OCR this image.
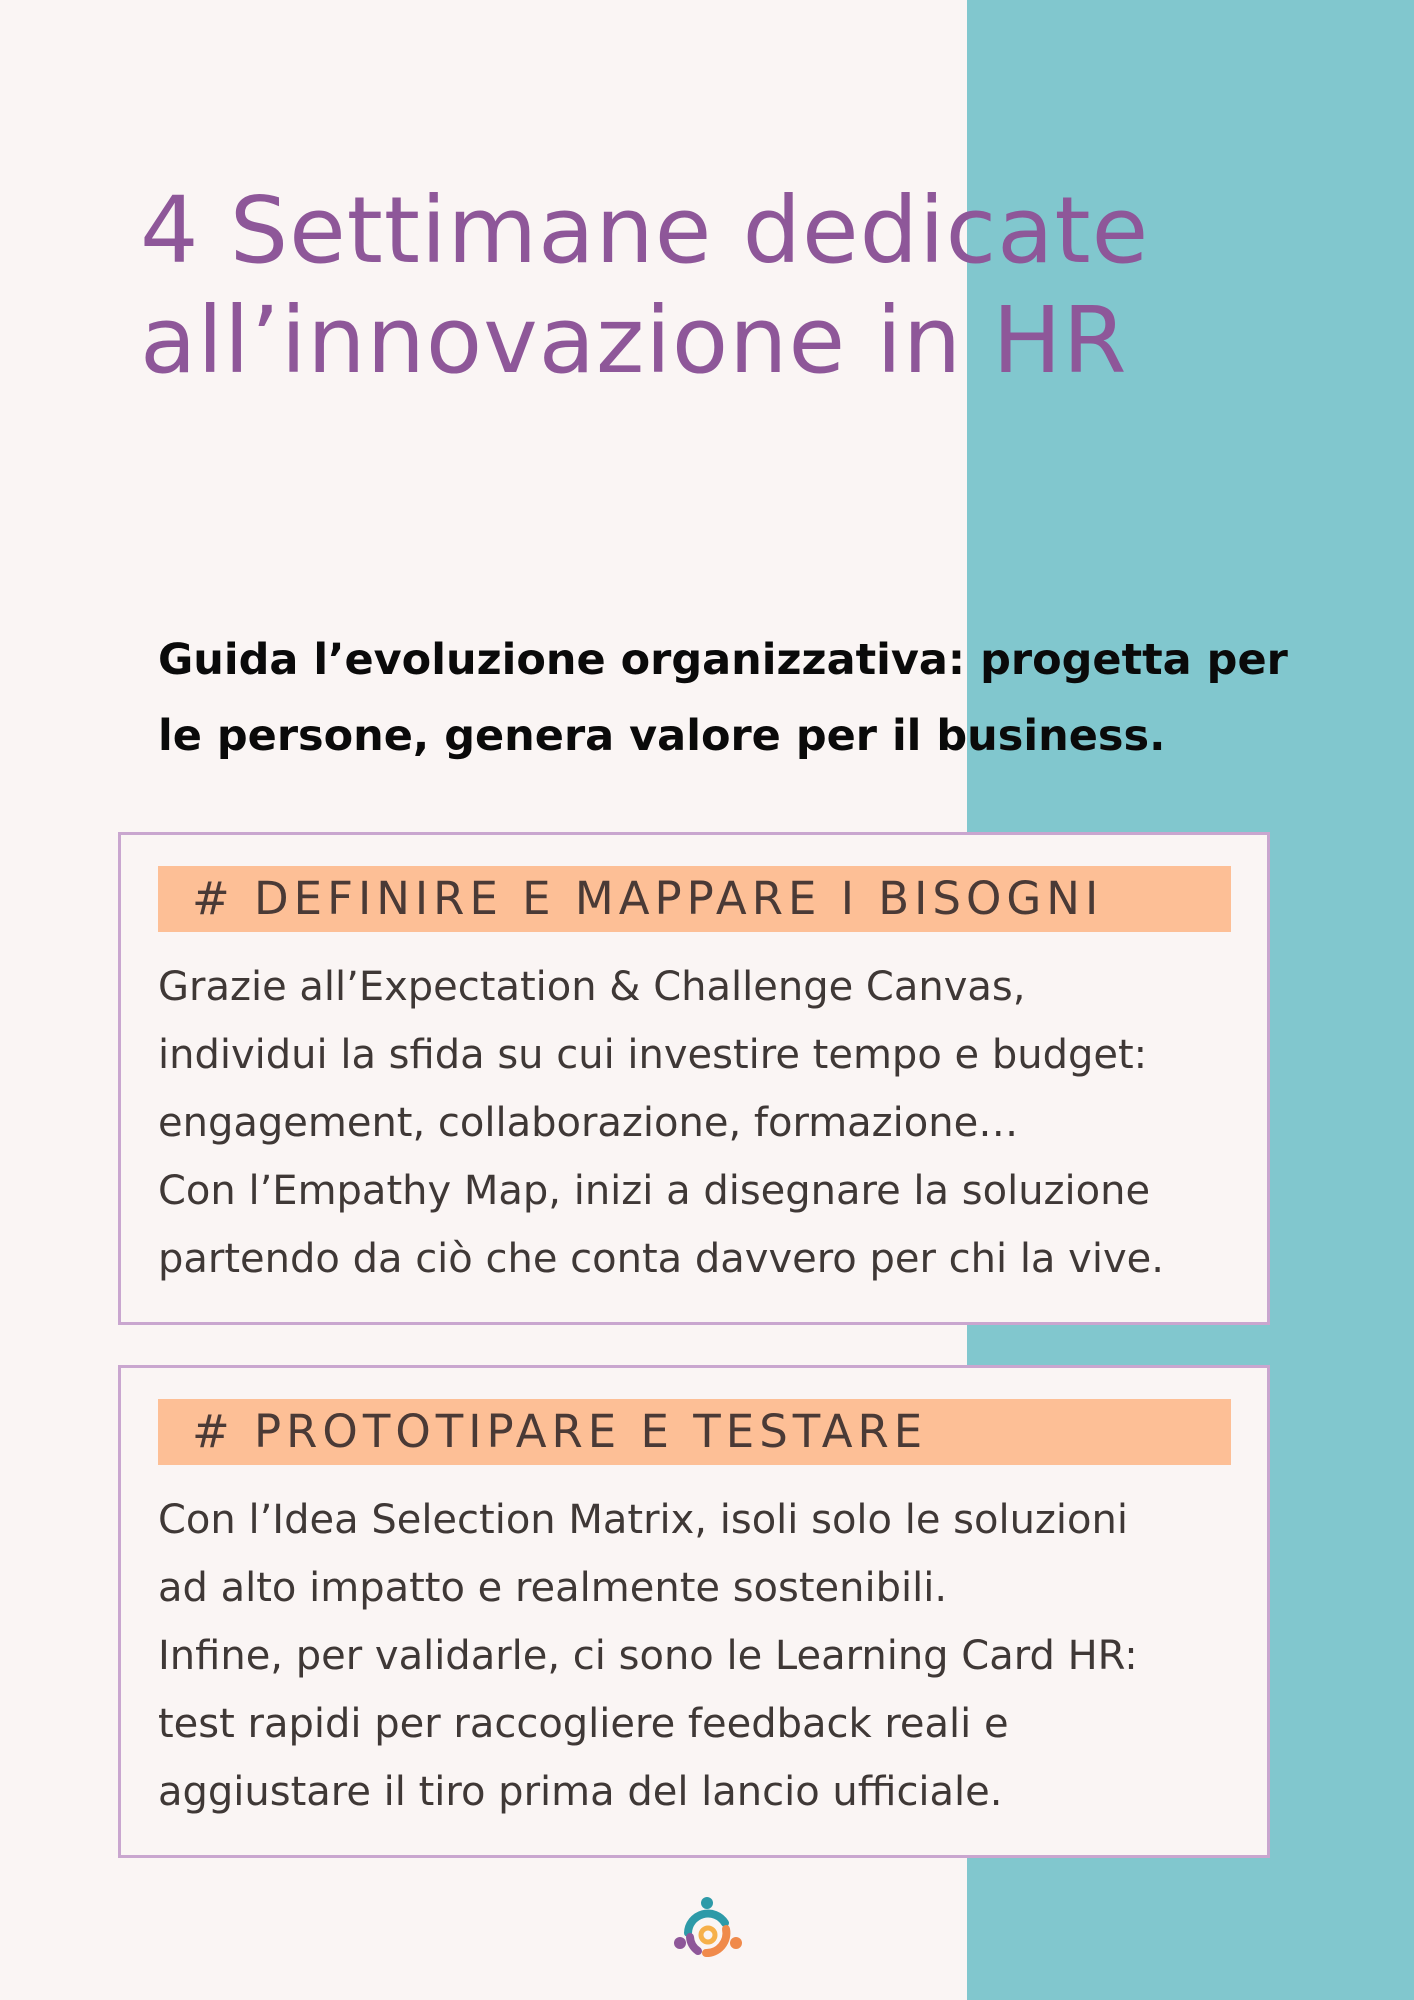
4 Settimane dedicate
all’innovazione in HR

Guida l’evoluzione organizzativa: progetta per
le persone, genera valore per il business.

# DEFINIRE E MAPPARE I BISOGNI
Grazie all’Expectation & Challenge Canvas,
individui la sfida su cui investire tempo e budget:
engagement, collaborazione, formazione…
Con l’Empathy Map, inizi a disegnare la soluzione
partendo da ciò che conta davvero per chi la vive.
# PROTOTIPARE E TESTARE
Con l’Idea Selection Matrix, isoli solo le soluzioni
ad alto impatto e realmente sostenibili.
Infine, per validarle, ci sono le Learning Card HR:
test rapidi per raccogliere feedback reali e
aggiustare il tiro prima del lancio ufficiale.
